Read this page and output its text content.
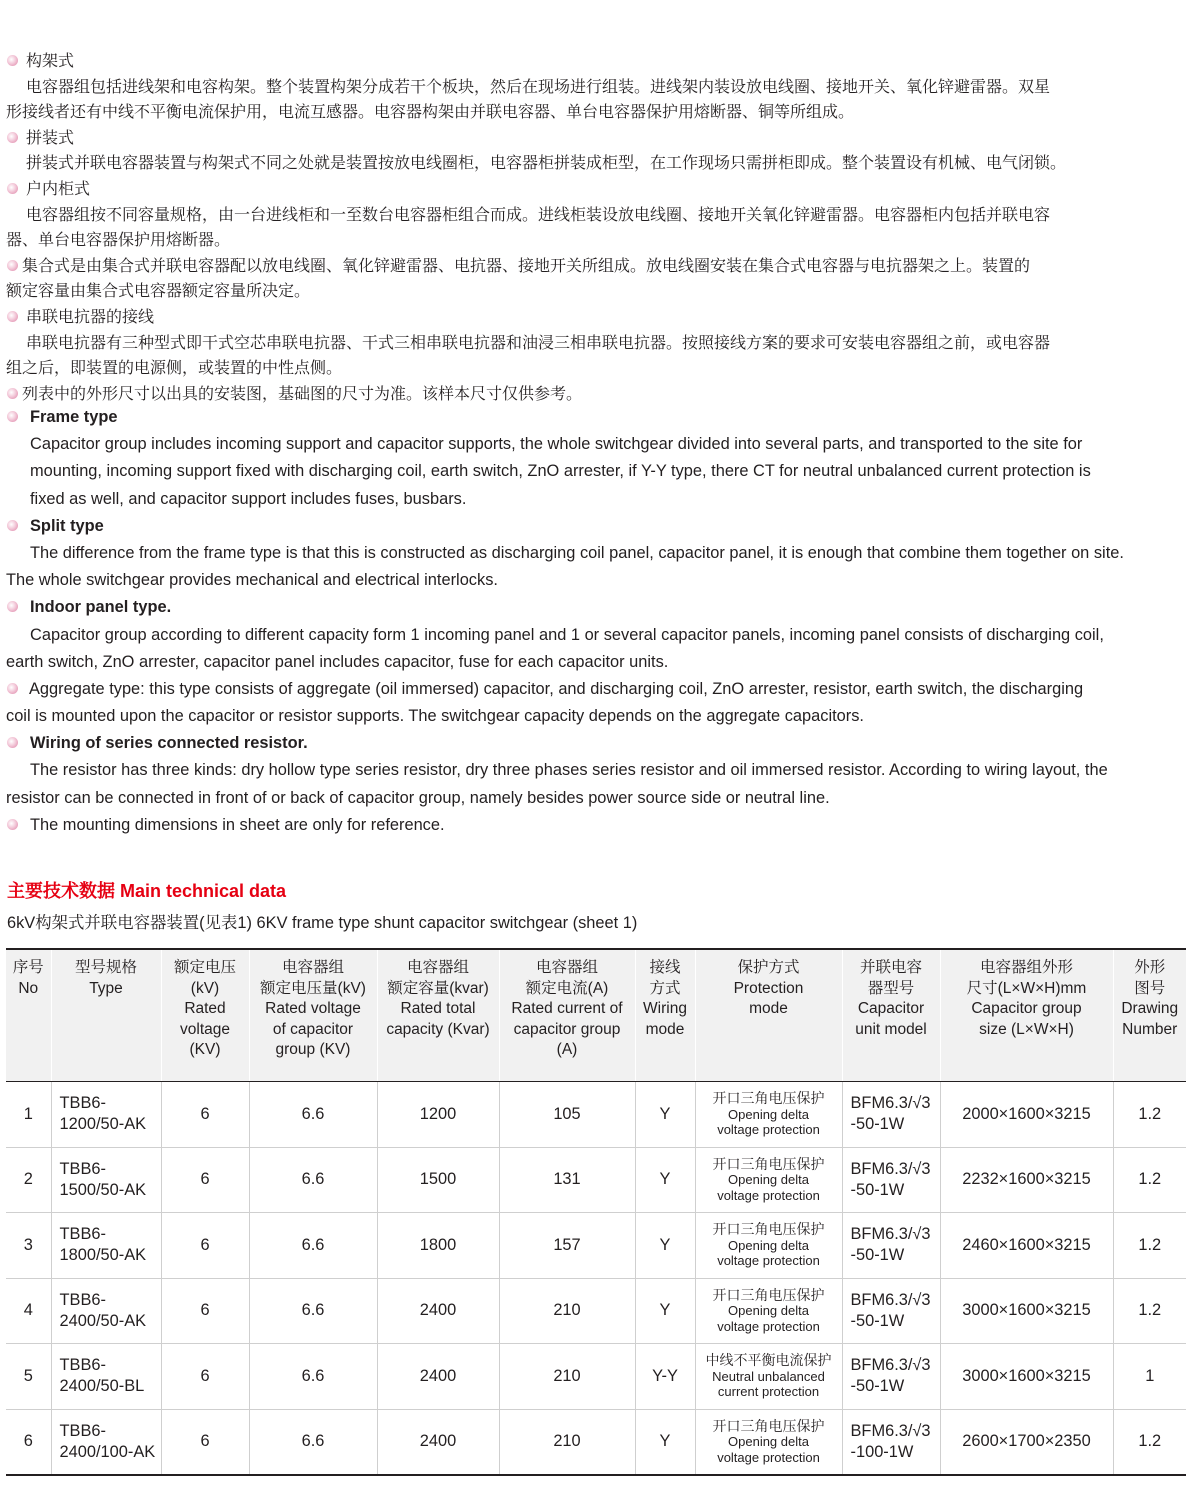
构架式
电容器组包括进线架和电容构架。整个装置构架分成若干个板块，然后在现场进行组装。进线架内装设放电线圈、接地开关、氧化锌避雷器。双星
形接线者还有中线不平衡电流保护用，电流互感器。电容器构架由并联电容器、单台电容器保护用熔断器、铜等所组成。
拼装式
拼装式并联电容器装置与构架式不同之处就是装置按放电线圈柜，电容器柜拼装成柜型，在工作现场只需拼柜即成。整个装置设有机械、电气闭锁。
户内柜式
电容器组按不同容量规格，由一台进线柜和一至数台电容器柜组合而成。进线柜装设放电线圈、接地开关氧化锌避雷器。电容器柜内包括并联电容
器、单台电容器保护用熔断器。
集合式是由集合式并联电容器配以放电线圈、氧化锌避雷器、电抗器、接地开关所组成。放电线圈安装在集合式电容器与电抗器架之上。装置的
额定容量由集合式电容器额定容量所决定。
串联电抗器的接线
串联电抗器有三种型式即干式空芯串联电抗器、干式三相串联电抗器和油浸三相串联电抗器。按照接线方案的要求可安装电容器组之前，或电容器
组之后，即装置的电源侧，或装置的中性点侧。
列表中的外形尺寸以出具的安装图，基础图的尺寸为准。该样本尺寸仅供参考。
Frame type
Capacitor group includes incoming support and capacitor supports, the whole switchgear divided into several parts, and transported to the site for
mounting, incoming support fixed with discharging coil, earth switch, ZnO arrester, if Y-Y type, there CT for neutral unbalanced current protection is
fixed as well, and capacitor support includes fuses, busbars.
Split type
The difference from the frame type is that this is constructed as discharging coil panel, capacitor panel, it is enough that combine them together on site.
The whole switchgear provides mechanical and electrical interlocks.
Indoor panel type.
Capacitor group according to different capacity form 1 incoming panel and 1 or several capacitor panels, incoming panel consists of discharging coil,
earth switch, ZnO arrester, capacitor panel includes capacitor, fuse for each capacitor units.
Aggregate type: this type consists of aggregate (oil immersed) capacitor, and discharging coil, ZnO arrester, resistor, earth switch, the discharging
coil is mounted upon the capacitor or resistor supports. The switchgear capacity depends on the aggregate capacitors.
Wiring of series connected resistor.
The resistor has three kinds: dry hollow type series resistor, dry three phases series resistor and oil immersed resistor. According to wiring layout, the
resistor can be connected in front of or back of capacitor group, namely besides power source side or neutral line.
The mounting dimensions in sheet are only for reference.
主要技术数据 Main technical data
6kV构架式并联电容器装置(见表1) 6KV frame type shunt capacitor switchgear (sheet 1)
序号
No	型号规格
Type	额定电压
(kV)
Rated
voltage
(KV)	电容器组
额定电压量(kV)
Rated voltage
of capacitor
group (KV)	电容器组
额定容量(kvar)
Rated total
capacity (Kvar)	电容器组
额定电流(A)
Rated current of
capacitor group
(A)	接线
方式
Wiring
mode	保护方式
Protection
mode	并联电容
器型号
Capacitor
unit model	电容器组外形
尺寸(L×W×H)mm
Capacitor group
size (L×W×H)	外形
图号
Drawing
Number

1	TBB6-
1200/50-AK	6	6.6	1200	105	Y	开口三角电压保护
Opening delta
voltage protection	BFM6.3/√3
-50-1W	2000×1600×3215	1.2
2	TBB6-
1500/50-AK	6	6.6	1500	131	Y	开口三角电压保护
Opening delta
voltage protection	BFM6.3/√3
-50-1W	2232×1600×3215	1.2
3	TBB6-
1800/50-AK	6	6.6	1800	157	Y	开口三角电压保护
Opening delta
voltage protection	BFM6.3/√3
-50-1W	2460×1600×3215	1.2
4	TBB6-
2400/50-AK	6	6.6	2400	210	Y	开口三角电压保护
Opening delta
voltage protection	BFM6.3/√3
-50-1W	3000×1600×3215	1.2
5	TBB6-
2400/50-BL	6	6.6	2400	210	Y-Y	中线不平衡电流保护
Neutral unbalanced
current protection	BFM6.3/√3
-50-1W	3000×1600×3215	1
6	TBB6-
2400/100-AK	6	6.6	2400	210	Y	开口三角电压保护
Opening delta
voltage protection	BFM6.3/√3
-100-1W	2600×1700×2350	1.2
